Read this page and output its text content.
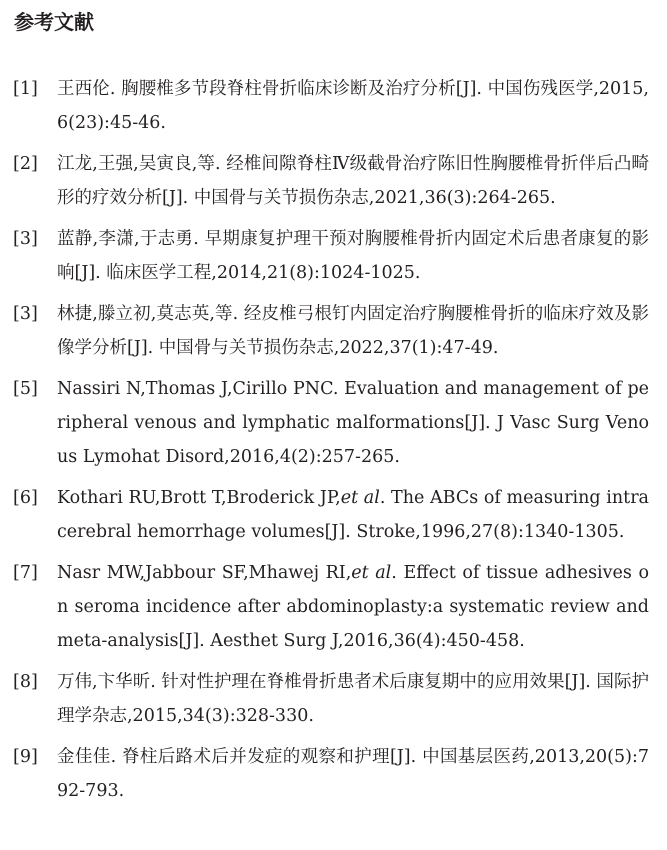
参考文献
[1]	王西伦. 胸腰椎多节段脊柱骨折临床诊断及治疗分析[J]. 中国伤残医学,2015,6(23):45-46.
[2]	江龙,王强,吴寅良,等. 经椎间隙脊柱Ⅳ级截骨治疗陈旧性胸腰椎骨折伴后凸畸形的疗效分析[J]. 中国骨与关节损伤杂志,2021,36(3):264-265.
[3]	蓝静,李潇,于志勇. 早期康复护理干预对胸腰椎骨折内固定术后患者康复的影响[J]. 临床医学工程,2014,21(8):1024-1025.
[3]	林捷,滕立初,莫志英,等. 经皮椎弓根钉内固定治疗胸腰椎骨折的临床疗效及影像学分析[J]. 中国骨与关节损伤杂志,2022,37(1):47-49.
[5]	Nassiri N,Thomas J,Cirillo PNC. Evaluation and management of peripheral venous and lymphatic malformations[J]. J Vasc Surg Venous Lymohat Disord,2016,4(2):257-265.
[6]	Kothari RU,Brott T,Broderick JP,et al. The ABCs of measuring intracerebral hemorrhage volumes[J]. Stroke,1996,27(8):1340-1305.
[7]	Nasr MW,Jabbour SF,Mhawej RI,et al. Effect of tissue adhesives on seroma incidence after abdominoplasty:a systematic review and meta-analysis[J]. Aesthet Surg J,2016,36(4):450-458.
[8]	万伟,卞华昕. 针对性护理在脊椎骨折患者术后康复期中的应用效果[J]. 国际护理学杂志,2015,34(3):328-330.
[9]	金佳佳. 脊柱后路术后并发症的观察和护理[J]. 中国基层医药,2013,20(5):792-793.
